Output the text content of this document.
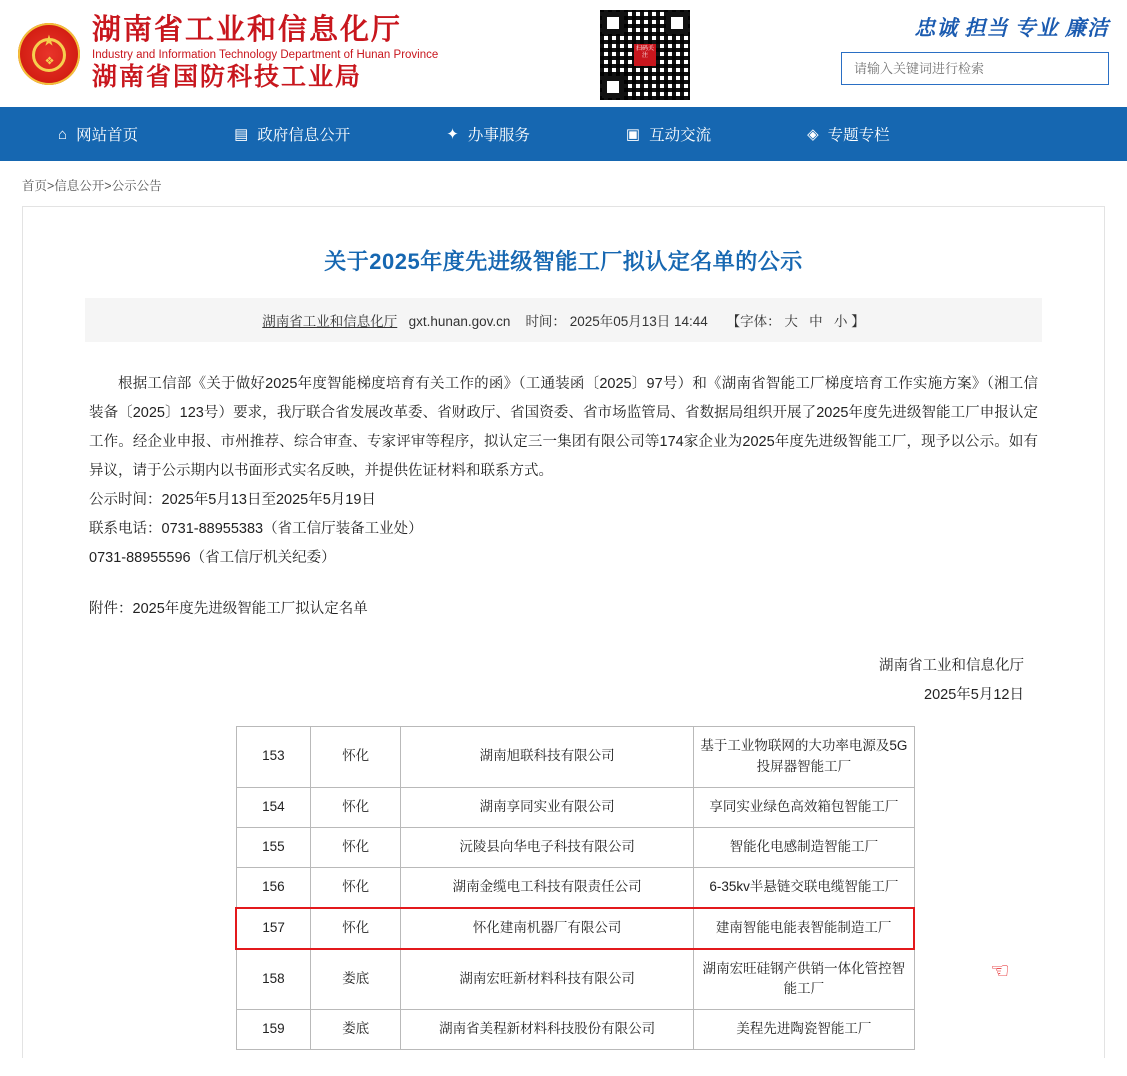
★
❖
湖南省工业和信息化厅
Industry and Information Technology Department of Hunan Province
湖南省国防科技工业局
扫码关注
忠诚 担当 专业 廉洁
请输入关键词进行检索
⌂ 网站首页	▤ 政府信息公开	✦ 办事服务	▣ 互动交流	◈ 专题专栏
首页>信息公开>公示公告
关于2025年度先进级智能工厂拟认定名单的公示
湖南省工业和信息化厅 gxt.hunan.gov.cn 时间： 2025年05月13日 14:44 【字体： 大 中 小 】

根据工信部《关于做好2025年度智能梯度培育有关工作的函》（工通装函〔2025〕97号）和《湖南省智能工厂梯度培育工作实施方案》（湘工信装备〔2025〕123号）要求，我厅联合省发展改革委、省财政厅、省国资委、省市场监管局、省数据局组织开展了2025年度先进级智能工厂申报认定工作。经企业申报、市州推荐、综合审查、专家评审等程序，拟认定三一集团有限公司等174家企业为2025年度先进级智能工厂，现予以公示。如有异议，请于公示期内以书面形式实名反映，并提供佐证材料和联系方式。

公示时间：2025年5月13日至2025年5月19日

联系电话：0731-88955383（省工信厅装备工业处）

0731-88955596（省工信厅机关纪委）

附件：2025年度先进级智能工厂拟认定名单

湖南省工业和信息化厅
2025年5月12日
153	怀化	湖南旭联科技有限公司	基于工业物联网的大功率电源及5G投屏器智能工厂
154	怀化	湖南享同实业有限公司	享同实业绿色高效箱包智能工厂
155	怀化	沅陵县向华电子科技有限公司	智能化电感制造智能工厂
156	怀化	湖南金缆电工科技有限责任公司	6-35kv半悬链交联电缆智能工厂
157	怀化	怀化建南机器厂有限公司	建南智能电能表智能制造工厂
158	娄底	湖南宏旺新材料科技有限公司	湖南宏旺硅钢产供销一体化管控智能工厂
159	娄底	湖南省美程新材料科技股份有限公司	美程先进陶瓷智能工厂
☞
